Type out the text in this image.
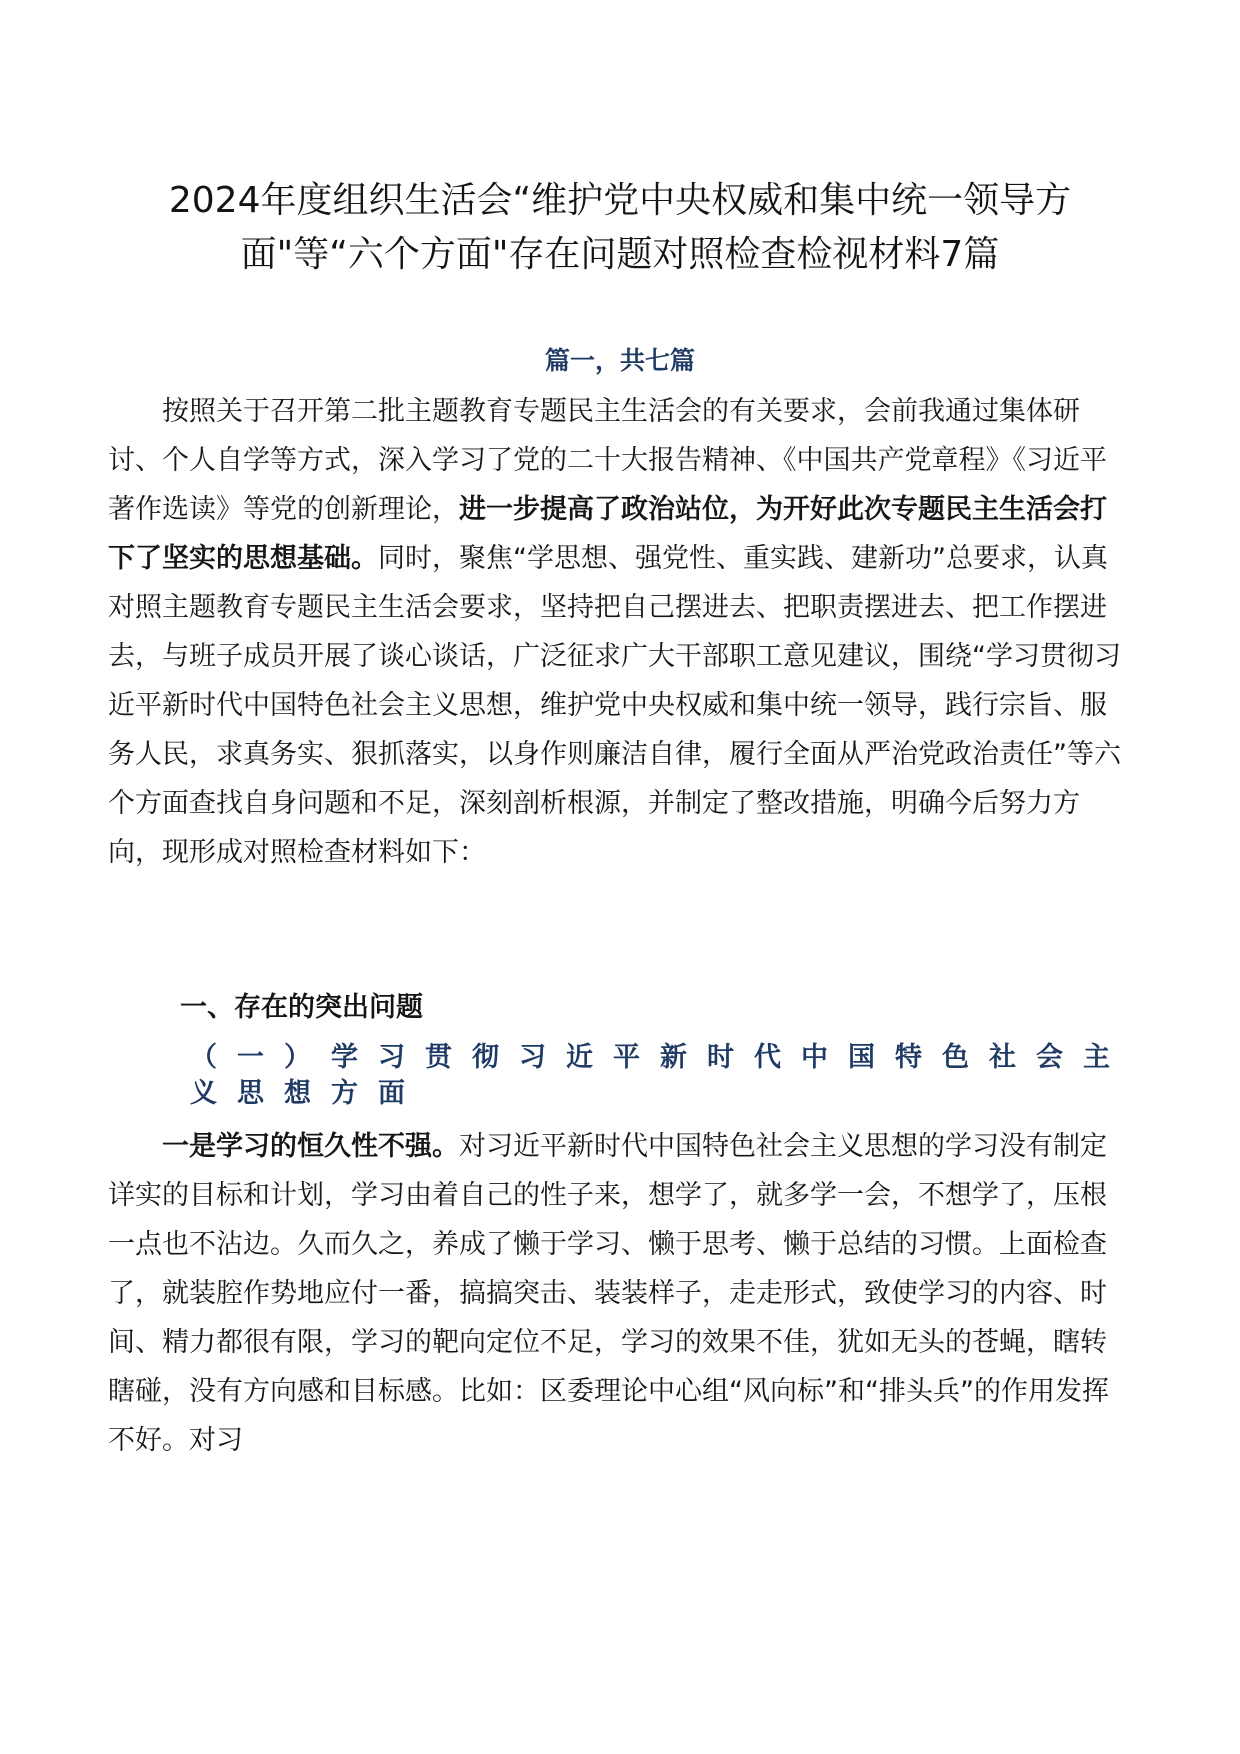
2024年度组织生活会“维护党中央权威和集中统一领导方面"等“六个方面"存在问题对照检查检视材料7篇
篇一，共七篇

按照关于召开第二批主题教育专题民主生活会的有关要求，会前我通过集体研讨、个人自学等方式，深入学习了党的二十大报告精神、《中国共产党章程》《习近平著作选读》等党的创新理论，进一步提高了政治站位，为开好此次专题民主生活会打下了坚实的思想基础。同时，聚焦“学思想、强党性、重实践、建新功”总要求，认真对照主题教育专题民主生活会要求，坚持把自己摆进去、把职责摆进去、把工作摆进去，与班子成员开展了谈心谈话，广泛征求广大干部职工意见建议，围绕“学习贯彻习近平新时代中国特色社会主义思想，维护党中央权威和集中统一领导，践行宗旨、服务人民，求真务实、狠抓落实，以身作则廉洁自律，履行全面从严治党政治责任”等六个方面查找自身问题和不足，深刻剖析根源，并制定了整改措施，明确今后努力方向，现形成对照检查材料如下：

一、存在的突出问题
（一）学习贯彻习近平新时代中国特色社会主义思想方面

一是学习的恒久性不强。对习近平新时代中国特色社会主义思想的学习没有制定详实的目标和计划，学习由着自己的性子来，想学了，就多学一会，不想学了，压根一点也不沾边。久而久之，养成了懒于学习、懒于思考、懒于总结的习惯。上面检查了，就装腔作势地应付一番，搞搞突击、装装样子，走走形式，致使学习的内容、时间、精力都很有限，学习的靶向定位不足，学习的效果不佳，犹如无头的苍蝇，瞎转瞎碰，没有方向感和目标感。比如：区委理论中心组“风向标”和“排头兵”的作用发挥不好。对习
